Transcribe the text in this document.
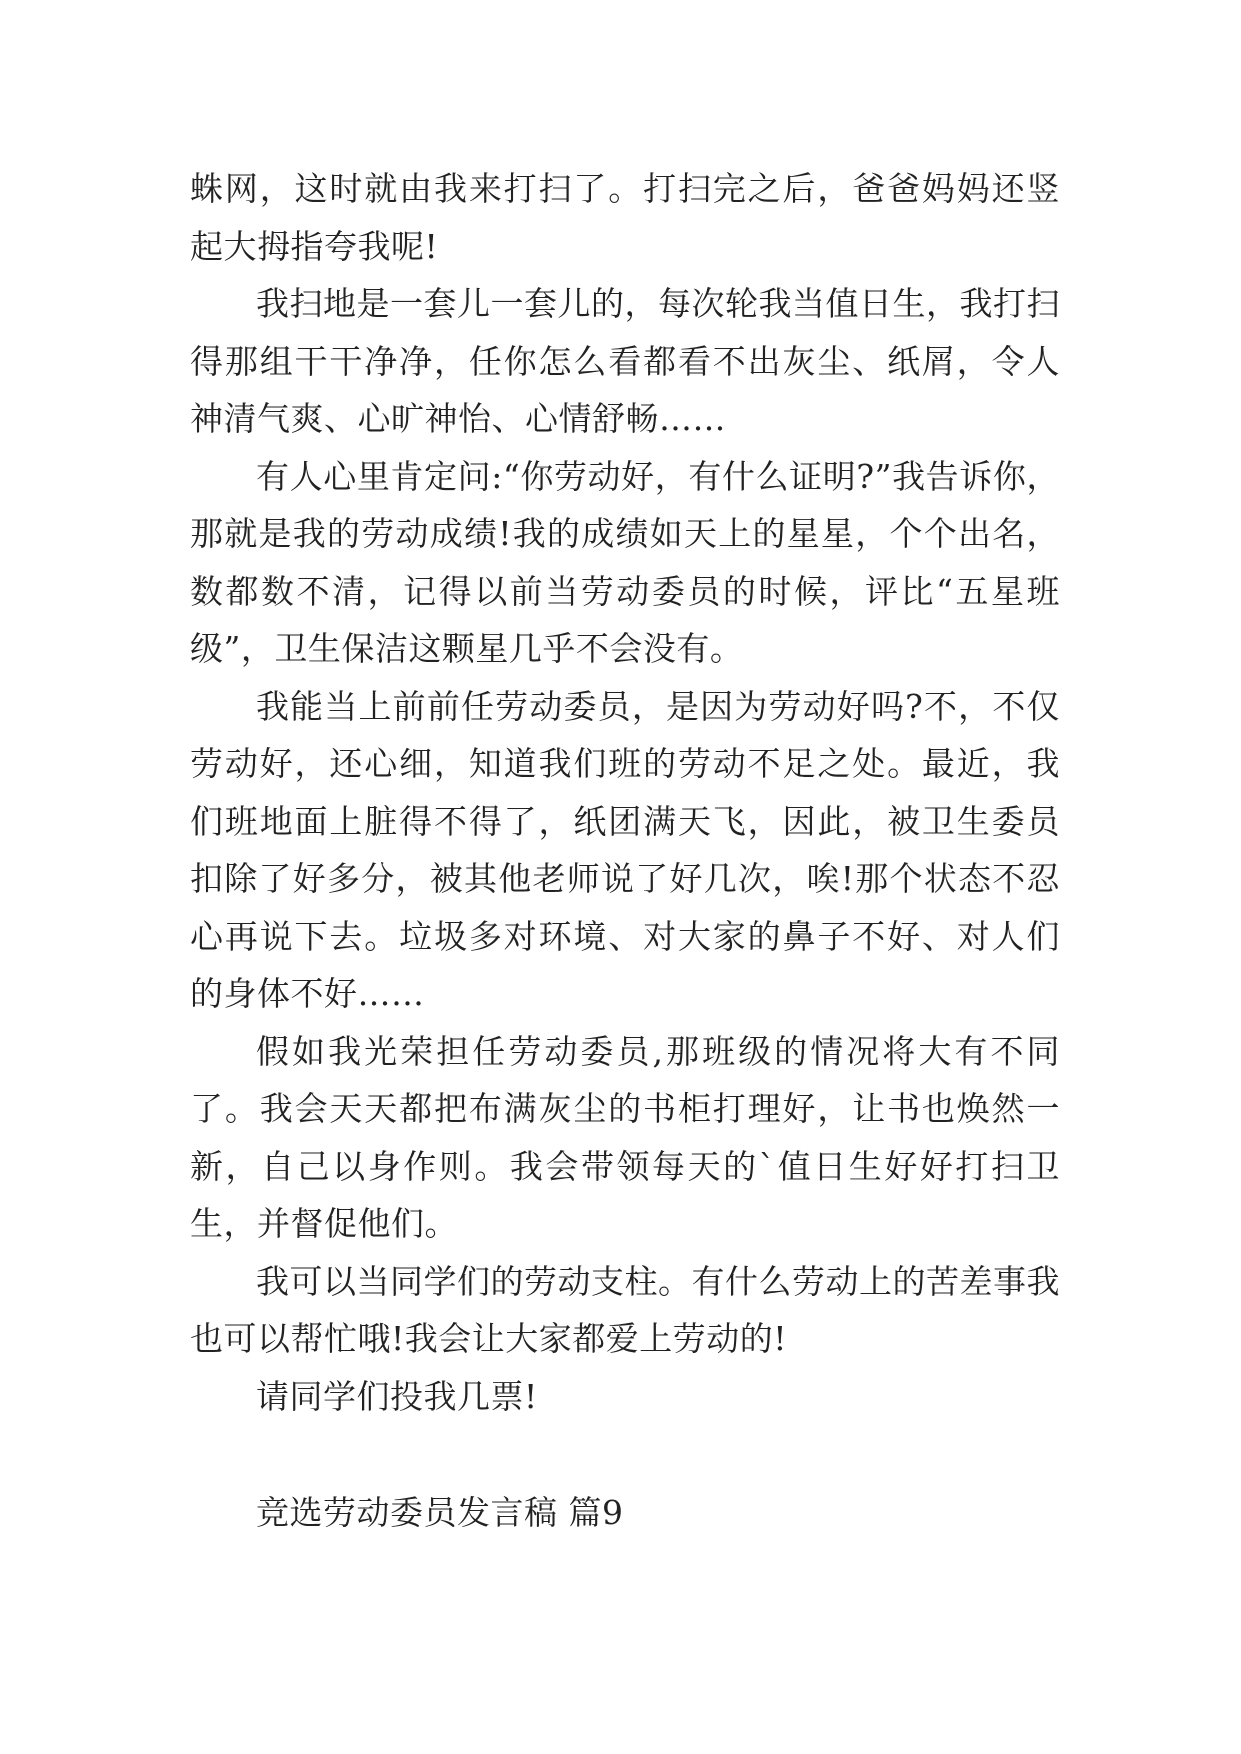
蛛网，这时就由我来打扫了。打扫完之后，爸爸妈妈还竖起大拇指夸我呢!

我扫地是一套儿一套儿的，每次轮我当值日生，我打扫得那组干干净净，任你怎么看都看不出灰尘、纸屑，令人神清气爽、心旷神怡、心情舒畅……

有人心里肯定问:“你劳动好，有什么证明?”我告诉你，那就是我的劳动成绩!我的成绩如天上的星星，个个出名，数都数不清，记得以前当劳动委员的时候，评比“五星班级”，卫生保洁这颗星几乎不会没有。

我能当上前前任劳动委员，是因为劳动好吗?不，不仅劳动好，还心细，知道我们班的劳动不足之处。最近，我们班地面上脏得不得了，纸团满天飞，因此，被卫生委员扣除了好多分，被其他老师说了好几次，唉!那个状态不忍心再说下去。垃圾多对环境、对大家的鼻子不好、对人们的身体不好……

假如我光荣担任劳动委员,那班级的情况将大有不同了。我会天天都把布满灰尘的书柜打理好，让书也焕然一新，自己以身作则。我会带领每天的`值日生好好打扫卫生，并督促他们。

我可以当同学们的劳动支柱。有什么劳动上的苦差事我也可以帮忙哦!我会让大家都爱上劳动的!

请同学们投我几票!

竞选劳动委员发言稿 篇9
